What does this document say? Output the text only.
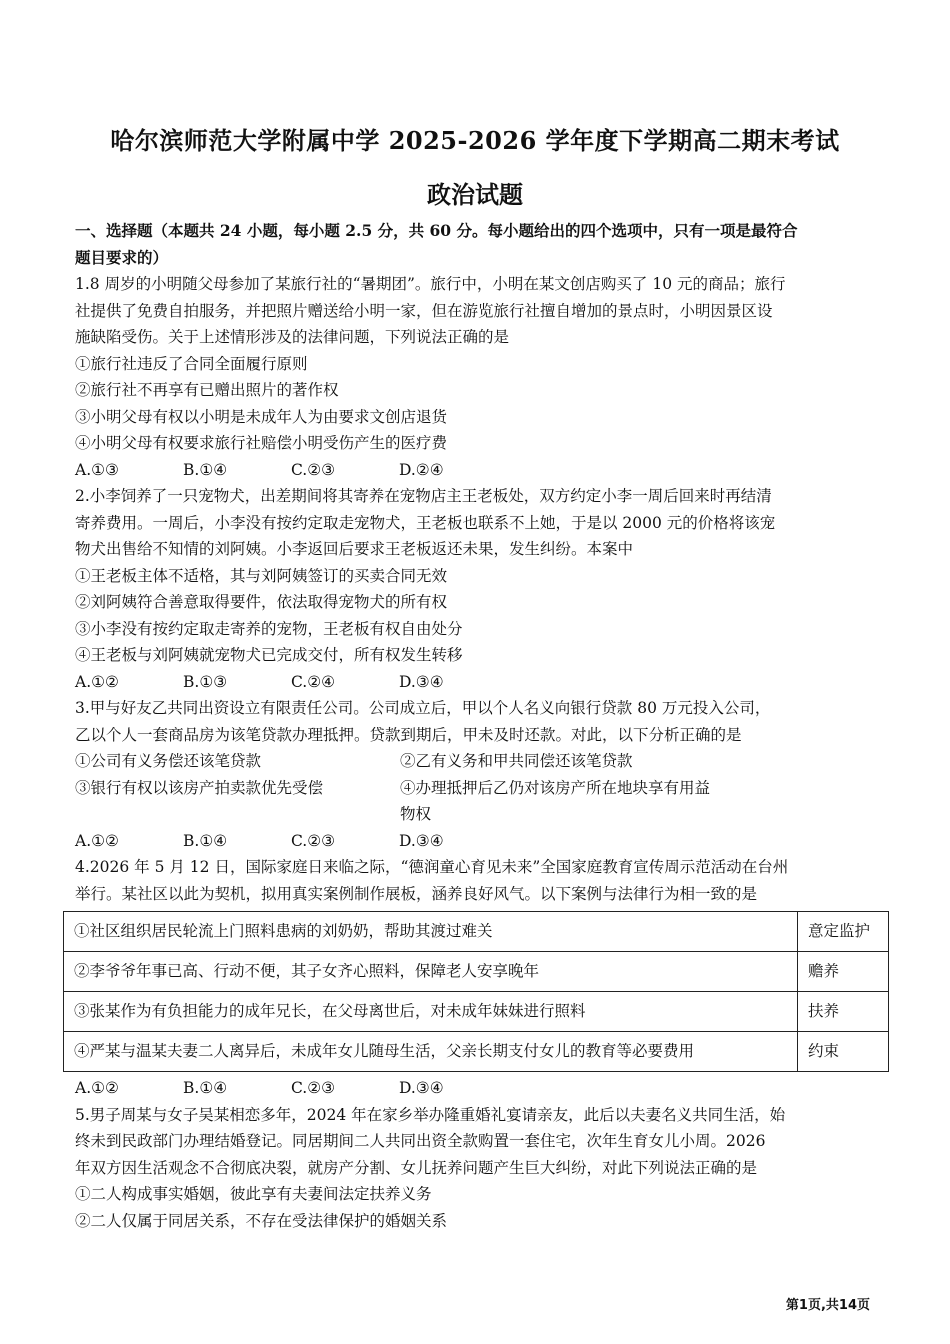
哈尔滨师范大学附属中学 2025-2026 学年度下学期高二期末考试
政治试题
一、选择题（本题共 24 小题，每小题 2.5 分，共 60 分。每小题给出的四个选项中，只有一项是最符合
题目要求的）
1.8 周岁的小明随父母参加了某旅行社的“暑期团”。旅行中，小明在某文创店购买了 10 元的商品；旅行
社提供了免费自拍服务，并把照片赠送给小明一家，但在游览旅行社擅自增加的景点时，小明因景区设
施缺陷受伤。关于上述情形涉及的法律问题，下列说法正确的是
①旅行社违反了合同全面履行原则
②旅行社不再享有已赠出照片的著作权
③小明父母有权以小明是未成年人为由要求文创店退货
④小明父母有权要求旅行社赔偿小明受伤产生的医疗费
A.①③	B.①④	C.②③	D.②④
2.小李饲养了一只宠物犬，出差期间将其寄养在宠物店主王老板处，双方约定小李一周后回来时再结清
寄养费用。一周后，小李没有按约定取走宠物犬，王老板也联系不上她，于是以 2000 元的价格将该宠
物犬出售给不知情的刘阿姨。小李返回后要求王老板返还未果，发生纠纷。本案中
①王老板主体不适格，其与刘阿姨签订的买卖合同无效
②刘阿姨符合善意取得要件，依法取得宠物犬的所有权
③小李没有按约定取走寄养的宠物，王老板有权自由处分
④王老板与刘阿姨就宠物犬已完成交付，所有权发生转移
A.①②	B.①③	C.②④	D.③④
3.甲与好友乙共同出资设立有限责任公司。公司成立后，甲以个人名义向银行贷款 80 万元投入公司，
乙以个人一套商品房为该笔贷款办理抵押。贷款到期后，甲未及时还款。对此，以下分析正确的是
①公司有义务偿还该笔贷款	②乙有义务和甲共同偿还该笔贷款
③银行有权以该房产拍卖款优先受偿	④办理抵押后乙仍对该房产所在地块享有用益物权
A.①②	B.①④	C.②③	D.③④
4.2026 年 5 月 12 日，国际家庭日来临之际，“德润童心育见未来”全国家庭教育宣传周示范活动在台州
举行。某社区以此为契机，拟用真实案例制作展板，涵养良好风气。以下案例与法律行为相一致的是
①社区组织居民轮流上门照料患病的刘奶奶，帮助其渡过难关	意定监护
②李爷爷年事已高、行动不便，其子女齐心照料，保障老人安享晚年	赡养
③张某作为有负担能力的成年兄长，在父母离世后，对未成年妹妹进行照料	扶养
④严某与温某夫妻二人离异后，未成年女儿随母生活，父亲长期支付女儿的教育等必要费用	约束
A.①②	B.①④	C.②③	D.③④
5.男子周某与女子吴某相恋多年，2024 年在家乡举办隆重婚礼宴请亲友，此后以夫妻名义共同生活，始
终未到民政部门办理结婚登记。同居期间二人共同出资全款购置一套住宅，次年生育女儿小周。2026
年双方因生活观念不合彻底决裂，就房产分割、女儿抚养问题产生巨大纠纷，对此下列说法正确的是
①二人构成事实婚姻，彼此享有夫妻间法定扶养义务
②二人仅属于同居关系，不存在受法律保护的婚姻关系
第1页,共14页
